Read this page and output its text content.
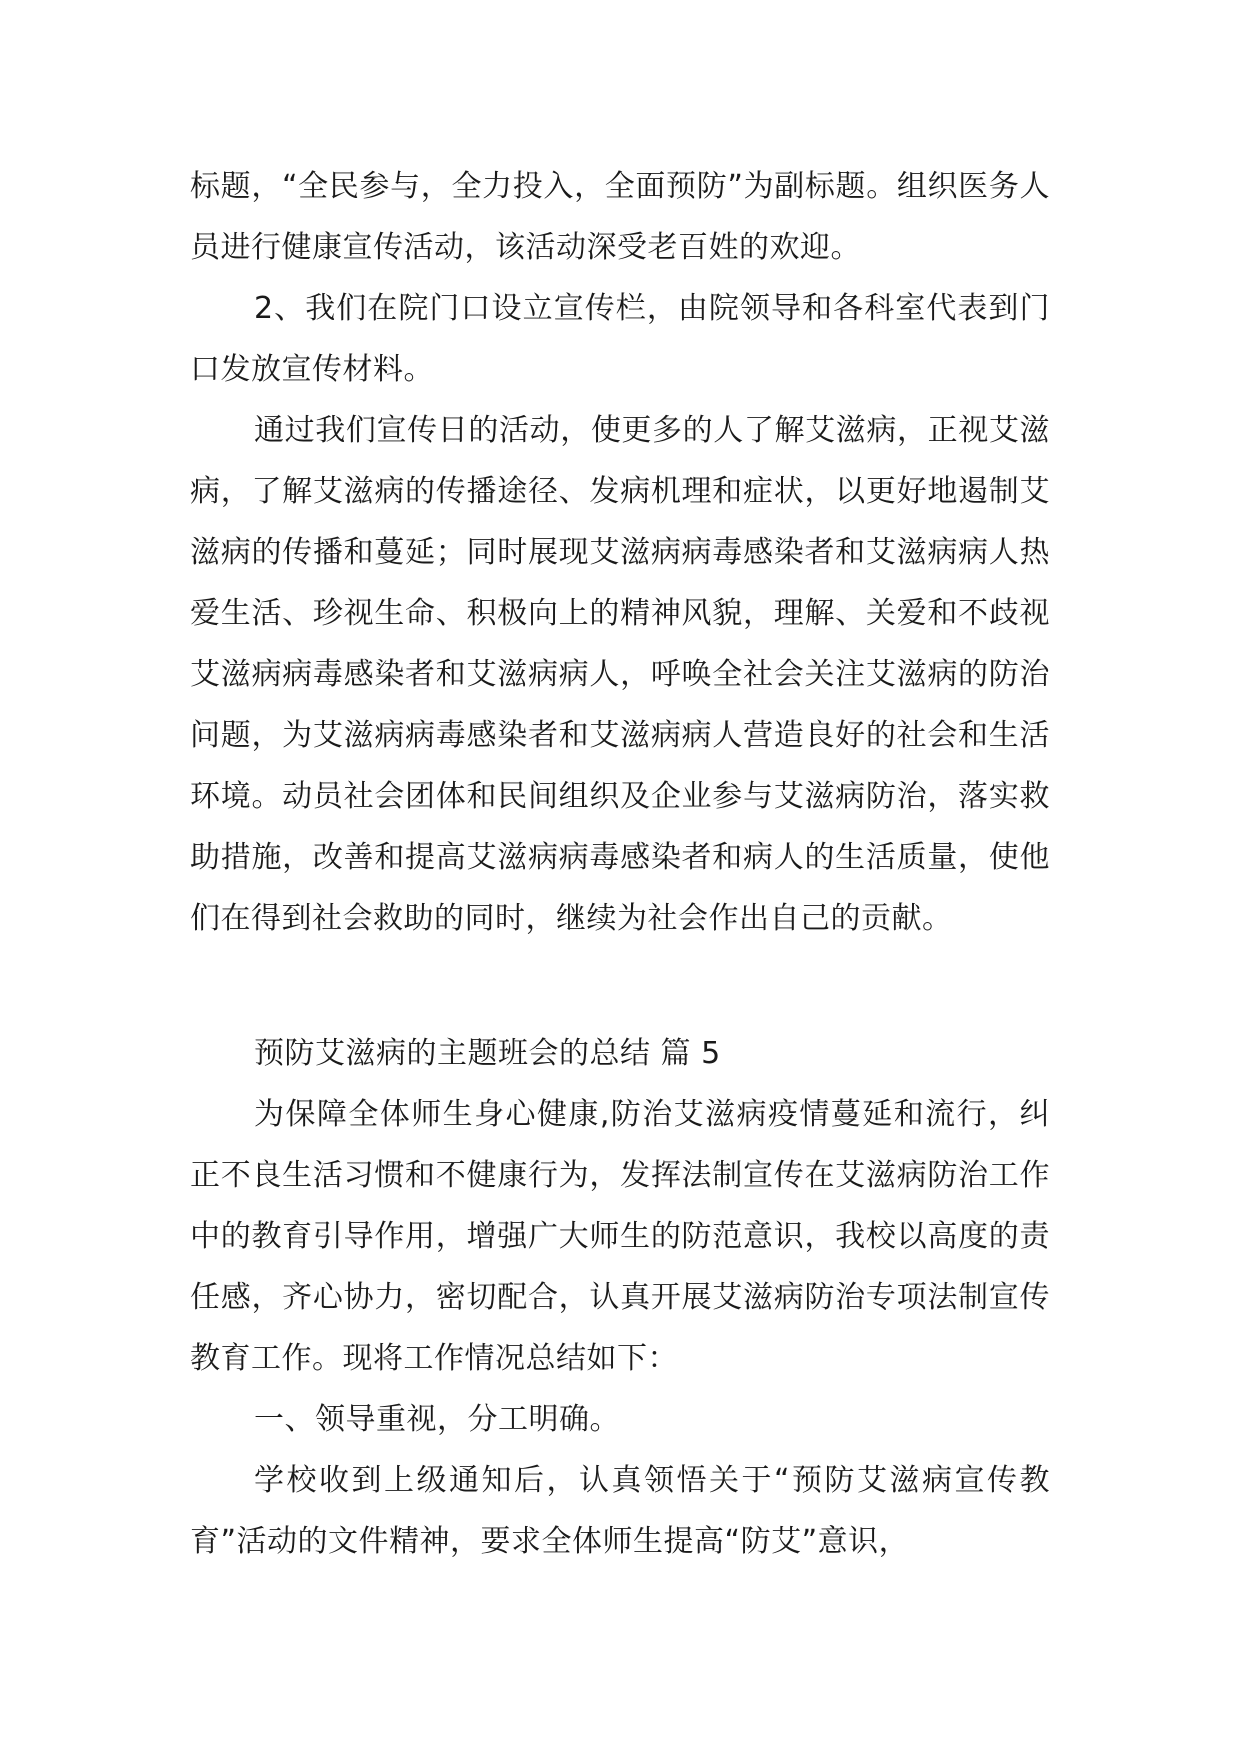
标题，“全民参与，全力投入，全面预防”为副标题。组织医务人员进行健康宣传活动，该活动深受老百姓的欢迎。

2、我们在院门口设立宣传栏，由院领导和各科室代表到门口发放宣传材料。

通过我们宣传日的活动，使更多的人了解艾滋病，正视艾滋病，了解艾滋病的传播途径、发病机理和症状，以更好地遏制艾滋病的传播和蔓延；同时展现艾滋病病毒感染者和艾滋病病人热爱生活、珍视生命、积极向上的精神风貌，理解、关爱和不歧视艾滋病病毒感染者和艾滋病病人，呼唤全社会关注艾滋病的防治问题，为艾滋病病毒感染者和艾滋病病人营造良好的社会和生活环境。动员社会团体和民间组织及企业参与艾滋病防治，落实救助措施，改善和提高艾滋病病毒感染者和病人的生活质量，使他们在得到社会救助的同时，继续为社会作出自己的贡献。

预防艾滋病的主题班会的总结 篇 5

为保障全体师生身心健康,防治艾滋病疫情蔓延和流行，纠正不良生活习惯和不健康行为，发挥法制宣传在艾滋病防治工作中的教育引导作用，增强广大师生的防范意识，我校以高度的责任感，齐心协力，密切配合，认真开展艾滋病防治专项法制宣传教育工作。现将工作情况总结如下：

一、领导重视，分工明确。

学校收到上级通知后，认真领悟关于“预防艾滋病宣传教育”活动的文件精神，要求全体师生提高“防艾”意识，
